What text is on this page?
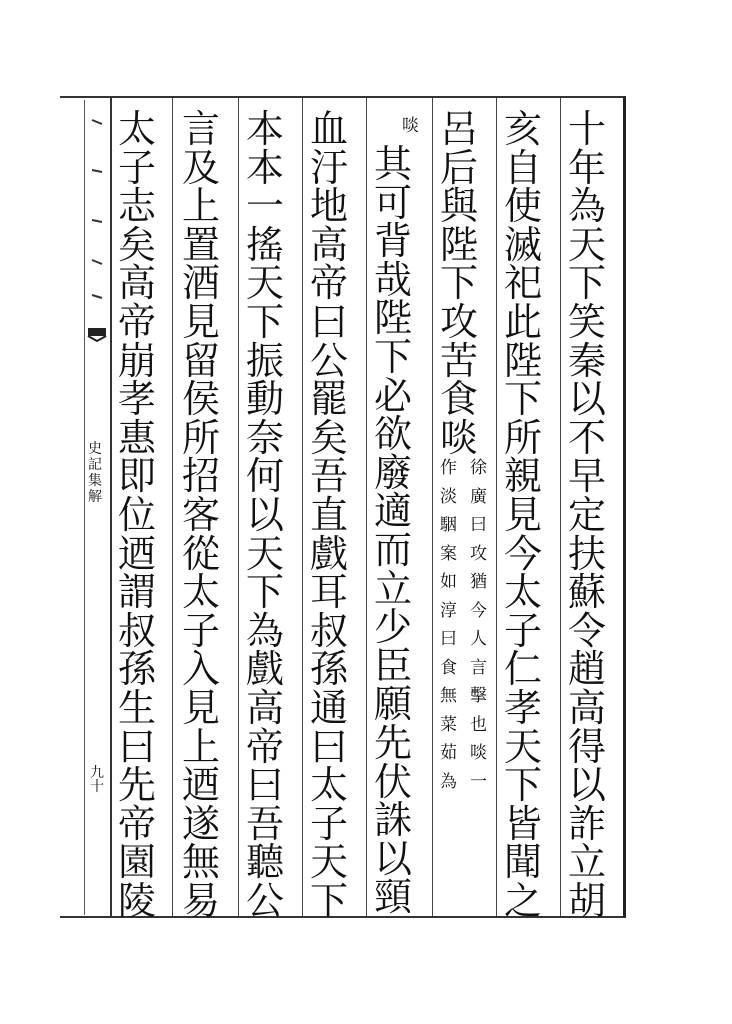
史
記
集
解
九
十
十
年
為
天
下
笑
秦
以
不
早
定
扶
蘇
令
趙
高
得
以
詐
立
胡
亥
自
使
滅
祀
此
陛
下
所
親
見
今
太
子
仁
孝
天
下
皆
聞
之
呂
后
與
陛
下
攻
苦
食
啖
徐
廣
曰
攻
猶
今
人
言
擊
也
啖
一
作
淡
駰
案
如
淳
曰
食
無
菜
茹
為
啖
其
可
背
哉
陛
下
必
欲
廢
適
而
立
少
臣
願
先
伏
誅
以
頸
血
汙
地
高
帝
曰
公
罷
矣
吾
直
戲
耳
叔
孫
通
曰
太
子
天
下
本
本
一
搖
天
下
振
動
奈
何
以
天
下
為
戲
高
帝
曰
吾
聽
公
言
及
上
置
酒
見
留
侯
所
招
客
從
太
子
入
見
上
迺
遂
無
易
太
子
志
矣
高
帝
崩
孝
惠
即
位
迺
謂
叔
孫
生
曰
先
帝
園
陵
